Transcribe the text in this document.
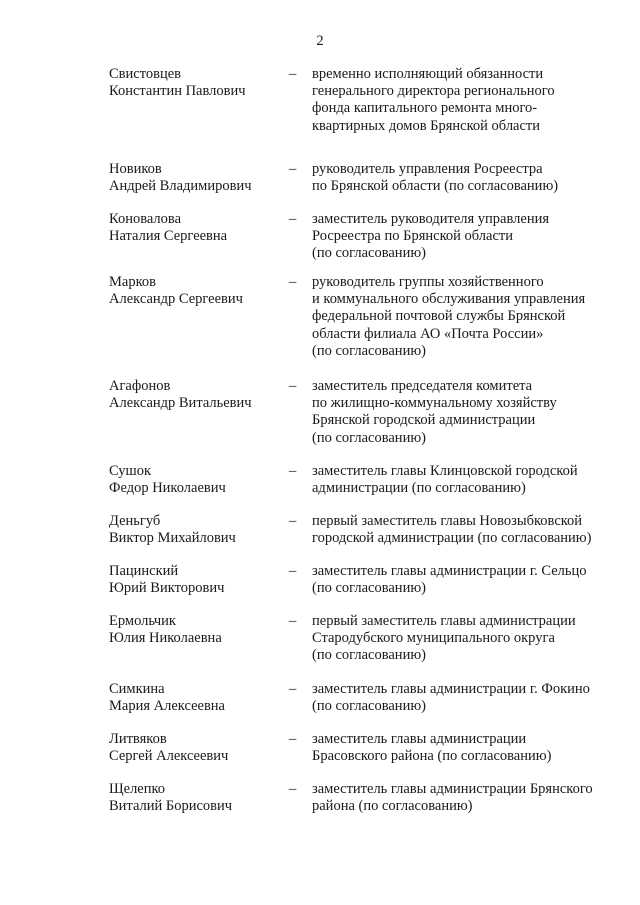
2
Свистовцев
Константин Павлович
– временно исполняющий обязанности
генерального директора регионального
фонда капитального ремонта много-
квартирных домов Брянской области
Новиков
Андрей Владимирович
– руководитель управления Росреестра
по Брянской области (по согласованию)
Коновалова
Наталия Сергеевна
– заместитель руководителя управления
Росреестра по Брянской области
(по согласованию)
Марков
Александр Сергеевич
– руководитель группы хозяйственного
и коммунального обслуживания управления
федеральной почтовой службы Брянской
области филиала АО «Почта России»
(по согласованию)
Агафонов
Александр Витальевич
– заместитель председателя комитета
по жилищно-коммунальному хозяйству
Брянской городской администрации
(по согласованию)
Сушок
Федор Николаевич
– заместитель главы Клинцовской городской
администрации (по согласованию)
Деньгуб
Виктор Михайлович
– первый заместитель главы Новозыбковской
городской администрации (по согласованию)
Пацинский
Юрий Викторович
– заместитель главы администрации г. Сельцо
(по согласованию)
Ермольчик
Юлия Николаевна
– первый заместитель главы администрации
Стародубского муниципального округа
(по согласованию)
Симкина
Мария Алексеевна
– заместитель главы администрации г. Фокино
(по согласованию)
Литвяков
Сергей Алексеевич
– заместитель главы администрации
Брасовского района (по согласованию)
Щелепко
Виталий Борисович
– заместитель главы администрации Брянского
района (по согласованию)
